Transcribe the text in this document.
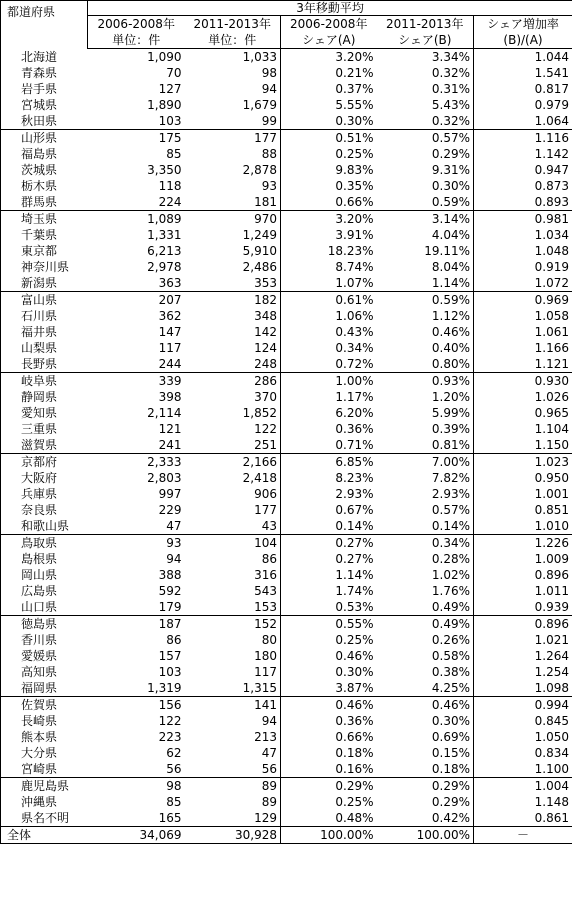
都道府県	3年移動平均				
	2006-2008年	2011-2013年	2006-2008年	2011-2013年	シェア増加率
	単位：件	単位：件	シェア(A)	シェア(B)	(B)/(A)
北海道	1,090	1,033	3.20%	3.34%	1.044
青森県	70	98	0.21%	0.32%	1.541
岩手県	127	94	0.37%	0.31%	0.817
宮城県	1,890	1,679	5.55%	5.43%	0.979
秋田県	103	99	0.30%	0.32%	1.064
山形県	175	177	0.51%	0.57%	1.116
福島県	85	88	0.25%	0.29%	1.142
茨城県	3,350	2,878	9.83%	9.31%	0.947
栃木県	118	93	0.35%	0.30%	0.873
群馬県	224	181	0.66%	0.59%	0.893
埼玉県	1,089	970	3.20%	3.14%	0.981
千葉県	1,331	1,249	3.91%	4.04%	1.034
東京都	6,213	5,910	18.23%	19.11%	1.048
神奈川県	2,978	2,486	8.74%	8.04%	0.919
新潟県	363	353	1.07%	1.14%	1.072
富山県	207	182	0.61%	0.59%	0.969
石川県	362	348	1.06%	1.12%	1.058
福井県	147	142	0.43%	0.46%	1.061
山梨県	117	124	0.34%	0.40%	1.166
長野県	244	248	0.72%	0.80%	1.121
岐阜県	339	286	1.00%	0.93%	0.930
静岡県	398	370	1.17%	1.20%	1.026
愛知県	2,114	1,852	6.20%	5.99%	0.965
三重県	121	122	0.36%	0.39%	1.104
滋賀県	241	251	0.71%	0.81%	1.150
京都府	2,333	2,166	6.85%	7.00%	1.023
大阪府	2,803	2,418	8.23%	7.82%	0.950
兵庫県	997	906	2.93%	2.93%	1.001
奈良県	229	177	0.67%	0.57%	0.851
和歌山県	47	43	0.14%	0.14%	1.010
鳥取県	93	104	0.27%	0.34%	1.226
島根県	94	86	0.27%	0.28%	1.009
岡山県	388	316	1.14%	1.02%	0.896
広島県	592	543	1.74%	1.76%	1.011
山口県	179	153	0.53%	0.49%	0.939
徳島県	187	152	0.55%	0.49%	0.896
香川県	86	80	0.25%	0.26%	1.021
愛媛県	157	180	0.46%	0.58%	1.264
高知県	103	117	0.30%	0.38%	1.254
福岡県	1,319	1,315	3.87%	4.25%	1.098
佐賀県	156	141	0.46%	0.46%	0.994
長崎県	122	94	0.36%	0.30%	0.845
熊本県	223	213	0.66%	0.69%	1.050
大分県	62	47	0.18%	0.15%	0.834
宮崎県	56	56	0.16%	0.18%	1.100
鹿児島県	98	89	0.29%	0.29%	1.004
沖縄県	85	89	0.25%	0.29%	1.148
県名不明	165	129	0.48%	0.42%	0.861
全体	34,069	30,928	100.00%	100.00%	－
